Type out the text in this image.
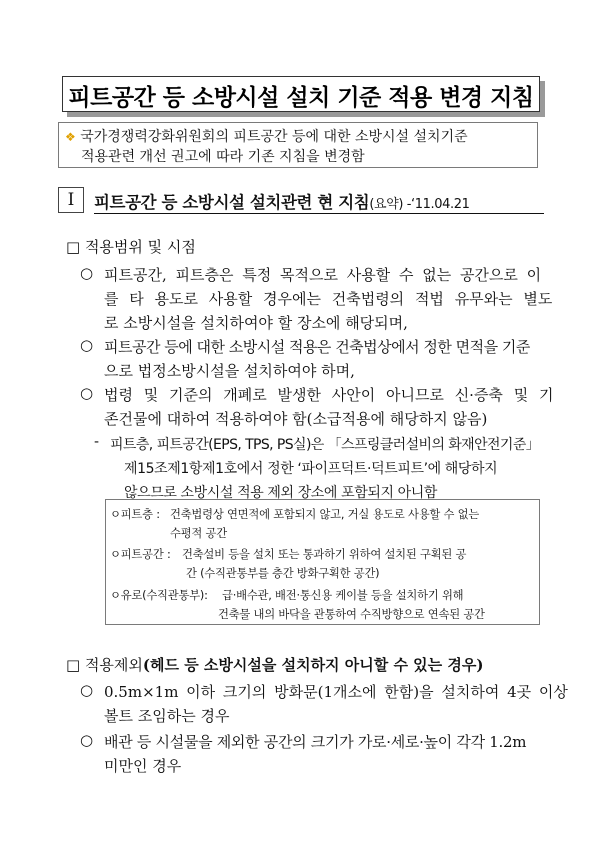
피트공간 등 소방시설 설치 기준 적용 변경 지침
❖ 국가경쟁력강화위원회의 피트공간 등에 대한 소방시설 설치기준
적용관련 개선 권고에 따라 기존 지침을 변경함
Ⅰ	피트공간 등 소방시설 설치관련 현 지침(요약) -‘11.04.21
□ 적용범위 및 시점
○ 피트공간, 피트층은 특정 목적으로 사용할 수 없는 공간으로 이
를 타 용도로 사용할 경우에는 건축법령의 적법 유무와는 별도
로 소방시설을 설치하여야 할 장소에 해당되며,
○ 피트공간 등에 대한 소방시설 적용은 건축법상에서 정한 면적을 기준
으로 법정소방시설을 설치하여야 하며,
○ 법령 및 기준의 개폐로 발생한 사안이 아니므로 신·증축 및 기
존건물에 대하여 적용하여야 함(소급적용에 해당하지 않음)
- 피트층, 피트공간(EPS, TPS, PS실)은 「스프링클러설비의 화재안전기준」
제15조제1항제1호에서 정한 ‘파이프덕트·덕트피트’에 해당하지
않으므로 소방시설 적용 제외 장소에 포함되지 아니함
ㅇ피트층 : 건축법령상 연면적에 포함되지 않고, 거실 용도로 사용할 수 없는
수평적 공간
ㅇ피트공간 : 건축설비 등을 설치 또는 통과하기 위하여 설치된 구획된 공
간 (수직관통부를 층간 방화구획한 공간)
ㅇ유로(수직관통부): 급·배수관, 배전·통신용 케이블 등을 설치하기 위해
건축물 내의 바닥을 관통하여 수직방향으로 연속된 공간
□ 적용제외(헤드 등 소방시설을 설치하지 아니할 수 있는 경우)
○ 0.5m×1m 이하 크기의 방화문(1개소에 한함)을 설치하여 4곳 이상
볼트 조임하는 경우
○ 배관 등 시설물을 제외한 공간의 크기가 가로·세로·높이 각각 1.2m
미만인 경우
